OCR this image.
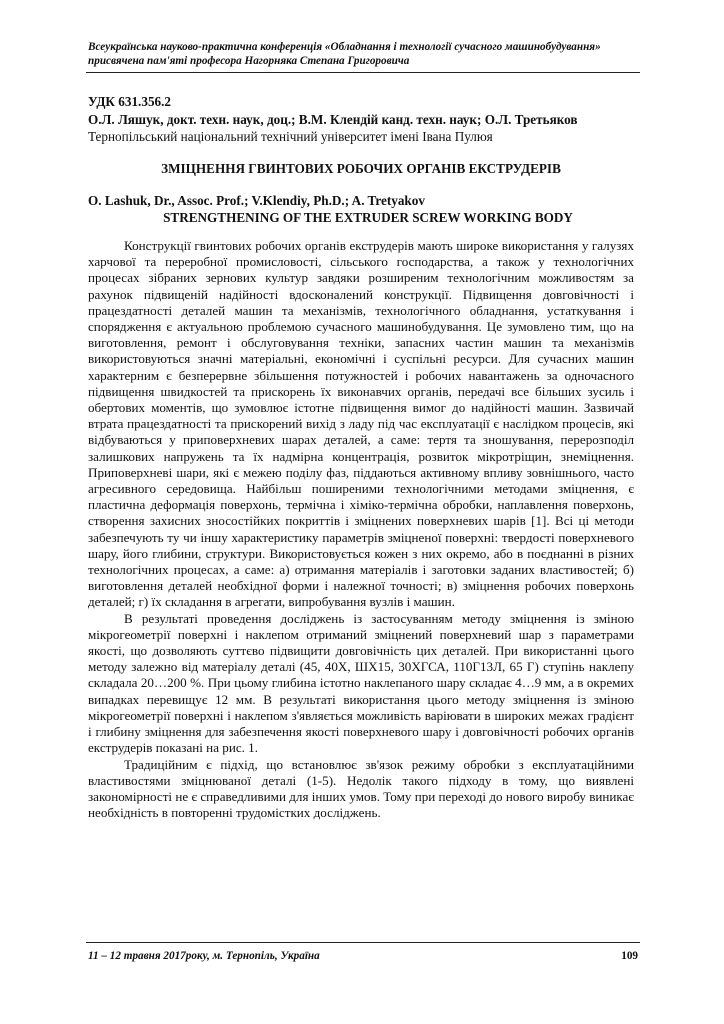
Всеукраїнська науково-практична конференція «Обладнання і технології сучасного машинобудування»
присвячена пам'яті професора Нагорняка Степана Григоровича
УДК 631.356.2
О.Л. Ляшук, докт. техн. наук, доц.; В.М. Клендій канд. техн. наук; О.Л. Третьяков
Тернопільський національний технічний університет імені Івана Пулюя
ЗМІЦНЕННЯ ГВИНТОВИХ РОБОЧИХ ОРГАНІВ ЕКСТРУДЕРІВ
O. Lashuk, Dr., Assoc. Prof.; V.Klendiy, Ph.D.; A. Tretyakov
STRENGTHENING OF THE EXTRUDER SCREW WORKING BODY

Конструкції гвинтових робочих органів екструдерів мають широке використання у галузях харчової та переробної промисловості, сільського господарства, а також у технологічних процесах зібраних зернових культур завдяки розширеним технологічним можливостям за рахунок підвищеній надійності вдосконалений конструкції. Підвищення довговічності і працездатності деталей машин та механізмів, технологічного обладнання, устаткування і спорядження є актуальною проблемою сучасного машинобудування. Це зумовлено тим, що на виготовлення, ремонт і обслуговування техніки, запасних частин машин та механізмів використовуються значні матеріальні, економічні і суспільні ресурси. Для сучасних машин характерним є безперервне збільшення потужностей і робочих навантажень за одночасного підвищення швидкостей та прискорень їх виконавчих органів, передачі все більших зусиль і обертових моментів, що зумовлює істотне підвищення вимог до надійності машин. Зазвичай втрата працездатності та прискорений вихід з ладу під час експлуатації є наслідком процесів, які відбуваються у приповерхневих шарах деталей, а саме: тертя та зношування, перерозподіл залишкових напружень та їх надмірна концентрація, розвиток мікротріщин, знеміцнення. Приповерхневі шари, які є межею поділу фаз, піддаються активному впливу зовнішнього, часто агресивного середовища. Найбільш поширеними технологічними методами зміцнення, є пластична деформація поверхонь, термічна і хіміко-термічна обробки, наплавлення поверхонь, створення захисних зносостійких покриттів і зміцнених поверхневих шарів [1]. Всі ці методи забезпечують ту чи іншу характеристику параметрів зміцненої поверхні: твердості поверхневого шару, його глибини, структури. Використовується кожен з них окремо, або в поєднанні в різних технологічних процесах, а саме: а) отримання матеріалів і заготовки заданих властивостей; б) виготовлення деталей необхідної форми і належної точності; в) зміцнення робочих поверхонь деталей; г) їх складання в агрегати, випробування вузлів і машин.

В результаті проведення досліджень із застосуванням методу зміцнення із зміною мікрогеометрії поверхні і наклепом отриманий зміцнений поверхневий шар з параметрами якості, що дозволяють суттєво підвищити довговічність цих деталей. При використанні цього методу залежно від матеріалу деталі (45, 40Х, ШХ15, 30ХГСА, 110Г13Л, 65 Г) ступінь наклепу складала 20…200 %. При цьому глибина істотно наклепаного шару складає 4…9 мм, а в окремих випадках перевищує 12 мм. В результаті використання цього методу зміцнення із зміною мікрогеометрії поверхні і наклепом з'являється можливість варіювати в широких межах градієнт і глибину зміцнення для забезпечення якості поверхневого шару і довговічності робочих органів екструдерів показані на рис. 1.

Традиційним є підхід, що встановлює зв'язок режиму обробки з експлуатаційними властивостями зміцнюваної деталі (1-5). Недолік такого підходу в тому, що виявлені закономірності не є справедливими для інших умов. Тому при переході до нового виробу виникає необхідність в повторенні трудомістких досліджень.

11 – 12 травня 2017року, м. Тернопіль, Україна	109
